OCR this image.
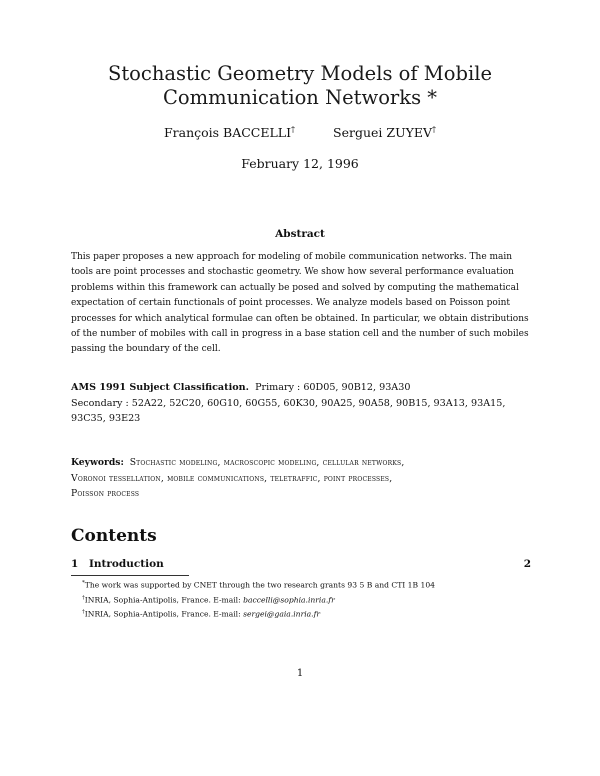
Stochastic Geometry Models of Mobile
Communication Networks *
François BACCELLI†	Serguei ZUYEV†
February 12, 1996
Abstract
This paper proposes a new approach for modeling of mobile communication networks. The main
tools are point processes and stochastic geometry. We show how several performance evaluation
problems within this framework can actually be posed and solved by computing the mathematical
expectation of certain functionals of point processes. We analyze models based on Poisson point
processes for which analytical formulae can often be obtained. In particular, we obtain distributions
of the number of mobiles with call in progress in a base station cell and the number of such mobiles
passing the boundary of the cell.
AMS 1991 Subject Classification. Primary : 60D05, 90B12, 93A30
Secondary : 52A22, 52C20, 60G10, 60G55, 60K30, 90A25, 90A58, 90B15, 93A13, 93A15,
93C35, 93E23
Keywords: Stochastic modeling, macroscopic modeling, cellular networks,
Voronoi tessellation, mobile communications, teletraffic, point processes,
Poisson process
Contents
1 Introduction	2
*The work was supported by CNET through the two research grants 93 5 B and CTI 1B 104
†INRIA, Sophia-Antipolis, France. E-mail: baccelli@sophia.inria.fr
†INRIA, Sophia-Antipolis, France. E-mail: sergei@gaia.inria.fr
1
